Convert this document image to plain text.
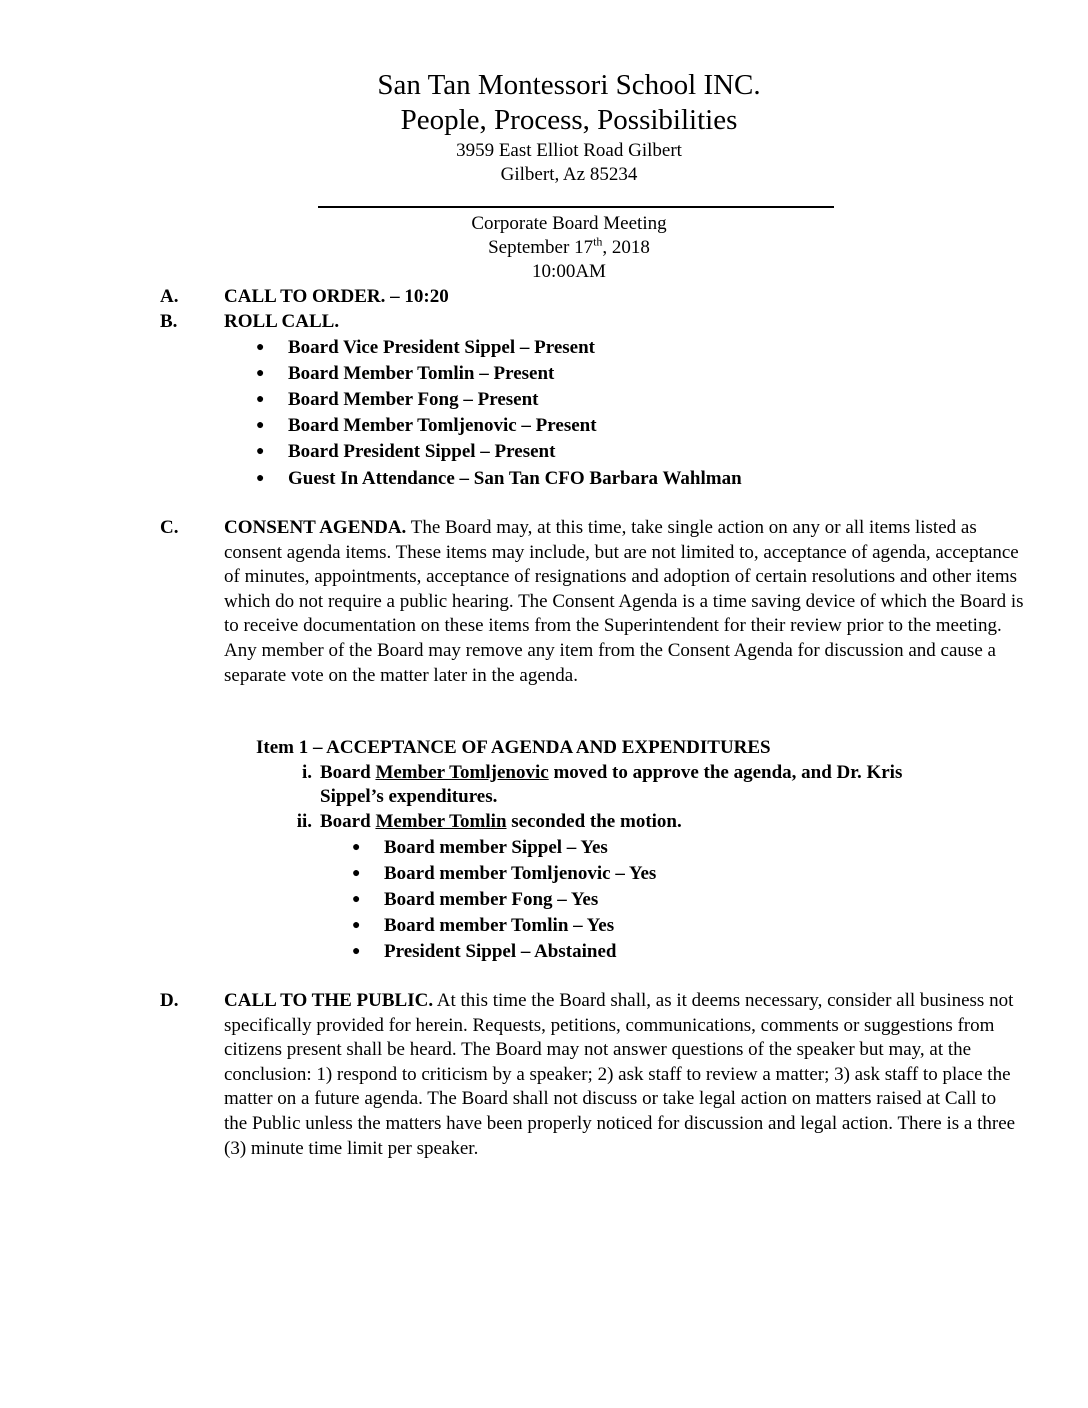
San Tan Montessori School INC.
People, Process, Possibilities
3959 East Elliot Road Gilbert
Gilbert, Az 85234
Corporate Board Meeting
September 17th, 2018
10:00AM
A. CALL TO ORDER. – 10:20
B. ROLL CALL.
● Board Vice President Sippel – Present
● Board Member Tomlin – Present
● Board Member Fong – Present
● Board Member Tomljenovic – Present
● Board President Sippel – Present
● Guest In Attendance – San Tan CFO Barbara Wahlman
C. CONSENT AGENDA. The Board may, at this time, take single action on any or all items listed as consent agenda items. These items may include, but are not limited to, acceptance of agenda, acceptance of minutes, appointments, acceptance of resignations and adoption of certain resolutions and other items which do not require a public hearing. The Consent Agenda is a time saving device of which the Board is to receive documentation on these items from the Superintendent for their review prior to the meeting. Any member of the Board may remove any item from the Consent Agenda for discussion and cause a separate vote on the matter later in the agenda.
Item 1 – ACCEPTANCE OF AGENDA AND EXPENDITURES
i. Board Member Tomljenovic moved to approve the agenda, and Dr. Kris
Sippel’s expenditures.
ii. Board Member Tomlin seconded the motion.
● Board member Sippel – Yes
● Board member Tomljenovic – Yes
● Board member Fong – Yes
● Board member Tomlin – Yes
● President Sippel – Abstained
D. CALL TO THE PUBLIC. At this time the Board shall, as it deems necessary, consider all business not specifically provided for herein. Requests, petitions, communications, comments or suggestions from citizens present shall be heard. The Board may not answer questions of the speaker but may, at the conclusion: 1) respond to criticism by a speaker; 2) ask staff to review a matter; 3) ask staff to place the matter on a future agenda. The Board shall not discuss or take legal action on matters raised at Call to the Public unless the matters have been properly noticed for discussion and legal action. There is a three (3) minute time limit per speaker.
